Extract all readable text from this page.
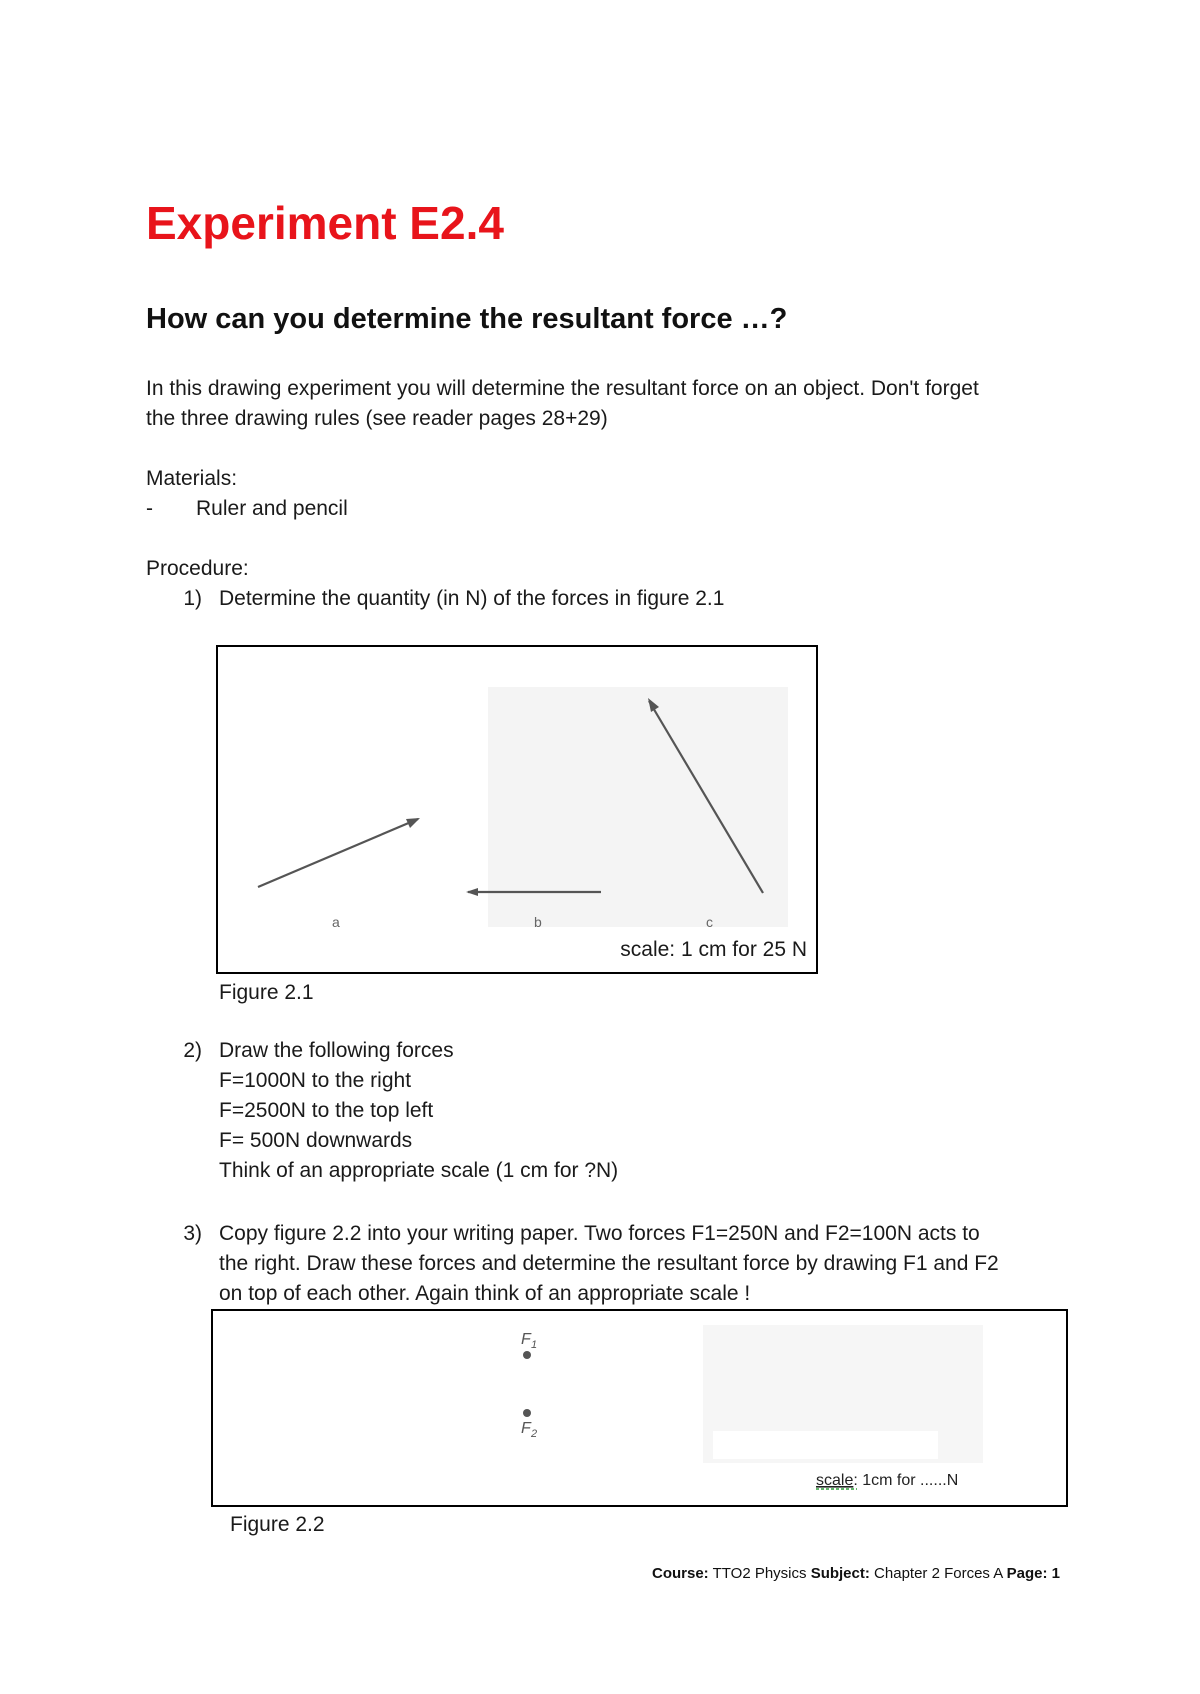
Experiment E2.4
How can you determine the resultant force …?
In this drawing experiment you will determine the resultant force on an object. Don't forget
the three drawing rules (see reader pages 28+29)
Materials:
- Ruler and pencil
Procedure:
1) Determine the quantity (in N) of the forces in figure 2.1
a	b	c
scale: 1 cm for 25 N
Figure 2.1
2) Draw the following forces
F=1000N to the right
F=2500N to the top left
F= 500N downwards
Think of an appropriate scale (1 cm for ?N)
3) Copy figure 2.2 into your writing paper. Two forces F1=250N and F2=100N acts to
the right. Draw these forces and determine the resultant force by drawing F1 and F2
on top of each other. Again think of an appropriate scale !
F 1
F 2
scale: 1cm for ......N
Figure 2.2
Course: TTO2 Physics Subject: Chapter 2 Forces A Page: 1
